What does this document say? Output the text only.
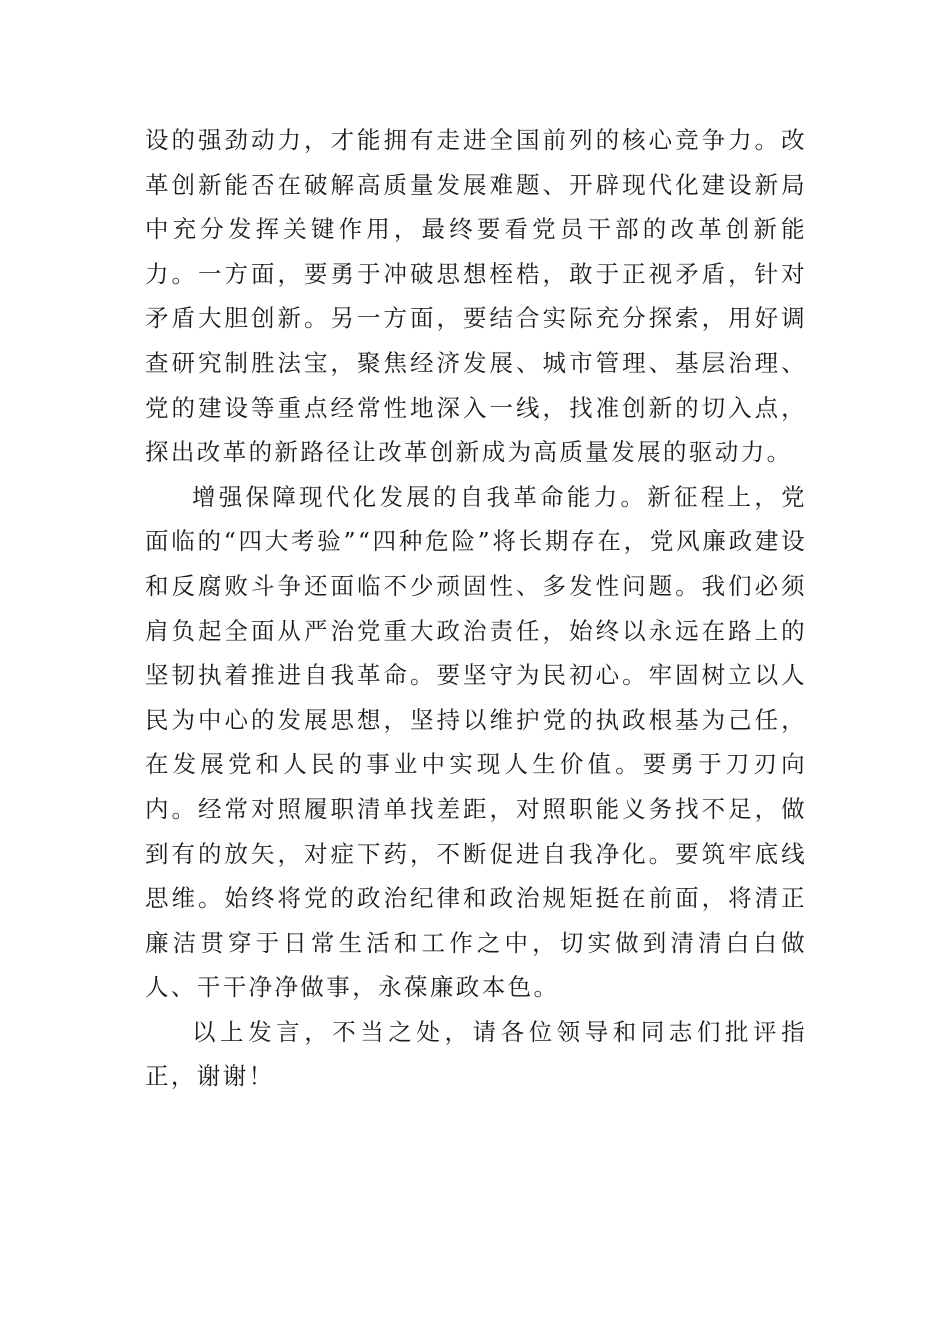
设的强劲动力，才能拥有走进全国前列的核心竞争力。改革创新能否在破解高质量发展难题、开辟现代化建设新局中充分发挥关键作用，最终要看党员干部的改革创新能力。一方面，要勇于冲破思想桎梏，敢于正视矛盾，针对矛盾大胆创新。另一方面，要结合实际充分探索，用好调查研究制胜法宝，聚焦经济发展、城市管理、基层治理、党的建设等重点经常性地深入一线，找准创新的切入点，探出改革的新路径让改革创新成为高质量发展的驱动力。

增强保障现代化发展的自我革命能力。新征程上，党面临的“四大考验”“四种危险”将长期存在，党风廉政建设和反腐败斗争还面临不少顽固性、多发性问题。我们必须肩负起全面从严治党重大政治责任，始终以永远在路上的坚韧执着推进自我革命。要坚守为民初心。牢固树立以人民为中心的发展思想，坚持以维护党的执政根基为己任，在发展党和人民的事业中实现人生价值。要勇于刀刃向内。经常对照履职清单找差距，对照职能义务找不足，做到有的放矢，对症下药，不断促进自我净化。要筑牢底线思维。始终将党的政治纪律和政治规矩挺在前面，将清正廉洁贯穿于日常生活和工作之中，切实做到清清白白做人、干干净净做事，永葆廉政本色。

以上发言，不当之处，请各位领导和同志们批评指正，谢谢！
